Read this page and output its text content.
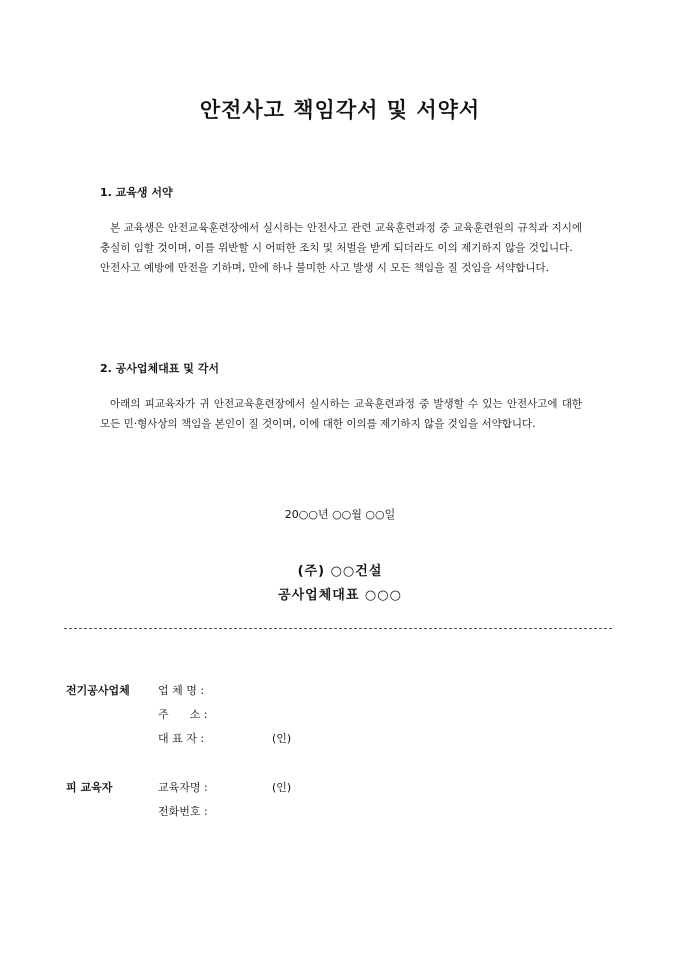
안전사고 책임각서 및 서약서
1. 교육생 서약

본 교육생은 안전교육훈련장에서 실시하는 안전사고 관련 교육훈련과정 중 교육훈련원의 규칙과 지시에 충실히 임할 것이며, 이를 위반할 시 어떠한 조치 및 처벌을 받게 되더라도 이의 제기하지 않을 것입니다.

안전사고 예방에 만전을 기하며, 만에 하나 불미한 사고 발생 시 모든 책임을 질 것임을 서약합니다.

2. 공사업체대표 및 각서

아래의 피교육자가 귀 안전교육훈련장에서 실시하는 교육훈련과정 중 발생할 수 있는 안전사고에 대한 모든 민·형사상의 책임을 본인이 질 것이며, 이에 대한 이의를 제기하지 않을 것임을 서약합니다.

20○○년 ○○월 ○○일
(주) ○○건설
공사업체대표 ○○○
전기공사업체	업 체 명 :
주      소 :
대 표 자 :	(인)
피 교육자	교육자명 :	(인)
전화번호 :
